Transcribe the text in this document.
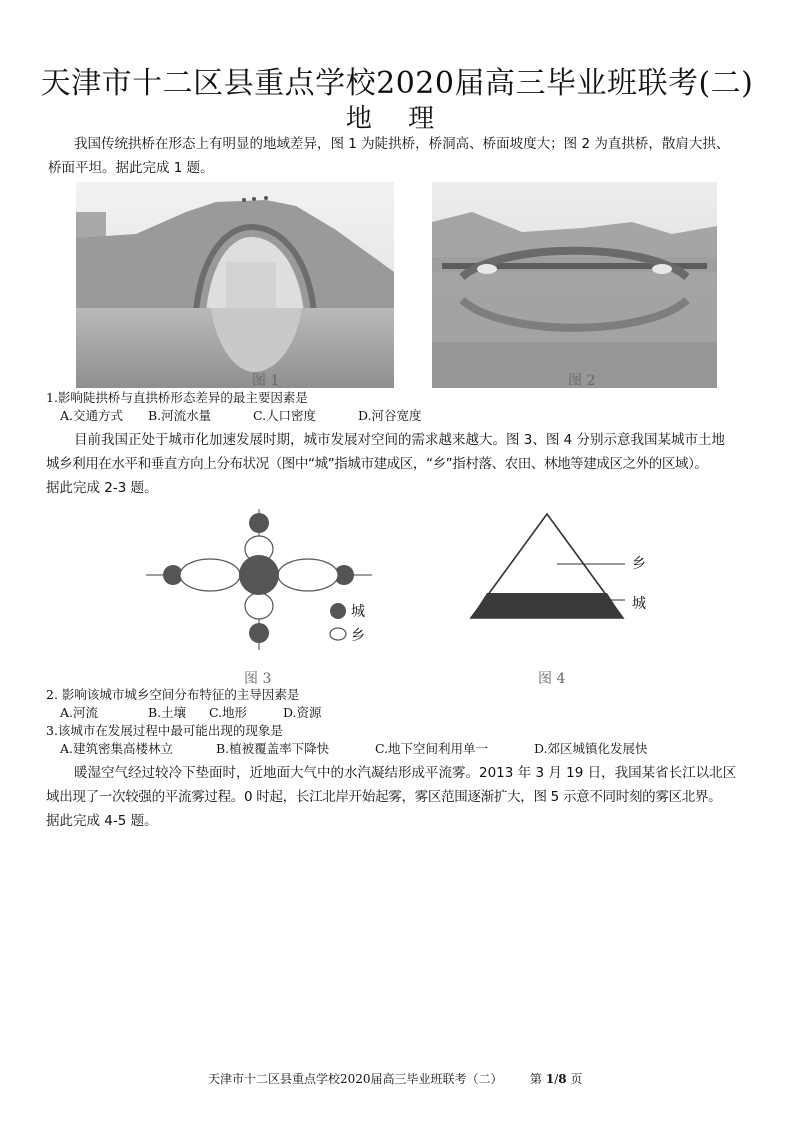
天津市十二区县重点学校2020届高三毕业班联考(二)
地 理
我国传统拱桥在形态上有明显的地域差异，图 1 为陡拱桥，桥洞高、桥面坡度大；图 2 为直拱桥，散肩大拱、
桥面平坦。据此完成 1 题。
图 1	图 2
1.影响陡拱桥与直拱桥形态差异的最主要因素是
A.交通方式 B.河流水量	C.人口密度	D.河谷宽度
目前我国正处于城市化加速发展时期，城市发展对空间的需求越来越大。图 3、图 4 分别示意我国某城市土地
城乡利用在水平和垂直方向上分布状况（图中“城”指城市建成区，“乡”指村落、农田、林地等建成区之外的区域）。
据此完成 2-3 题。
城
乡
图 3
乡
城
图 4
2. 影响该城市城乡空间分布特征的主导因素是
A.河流	B.土壤 C.地形	D.资源
3.该城市在发展过程中最可能出现的现象是
A.建筑密集高楼林立	B.植被覆盖率下降快	C.地下空间利用单一	D.郊区城镇化发展快
暖湿空气经过较冷下垫面时，近地面大气中的水汽凝结形成平流雾。2013 年 3 月 19 日，我国某省长江以北区
域出现了一次较强的平流雾过程。0 时起，长江北岸开始起雾，雾区范围逐渐扩大，图 5 示意不同时刻的雾区北界。
据此完成 4-5 题。
天津市十二区县重点学校2020届高三毕业班联考（二） 第 1/8 页
